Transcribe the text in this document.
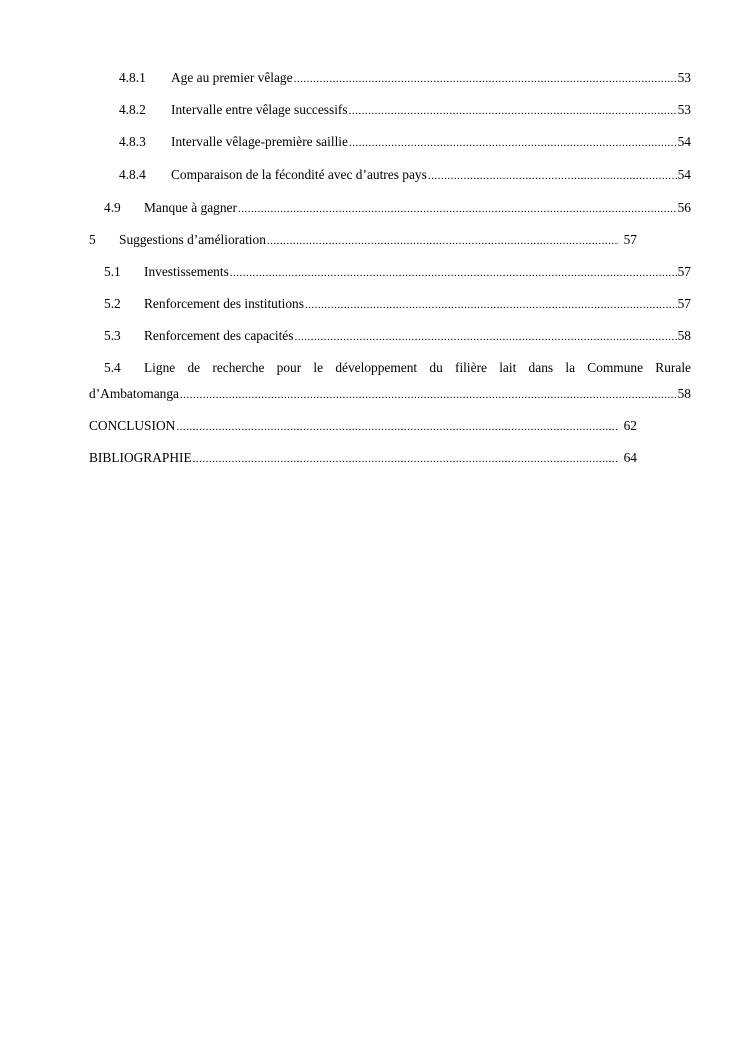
4.8.1	Age au premier vêlage .....	53
4.8.2	Intervalle entre vêlage successifs .....	53
4.8.3	Intervalle vêlage-première saillie .....	54
4.8.4	Comparaison de la fécondité avec d’autres pays .....	54
4.9	Manque à gagner .....	56
5	Suggestions d’amélioration .....	57
5.1	Investissements .....	57
5.2	Renforcement des institutions .....	57
5.3	Renforcement des capacités .....	58
5.4	Ligne de recherche pour le développement du filière lait dans la Commune Rurale
d’Ambatomanga .....	58
CONCLUSION .....	62
BIBLIOGRAPHIE .....	64
